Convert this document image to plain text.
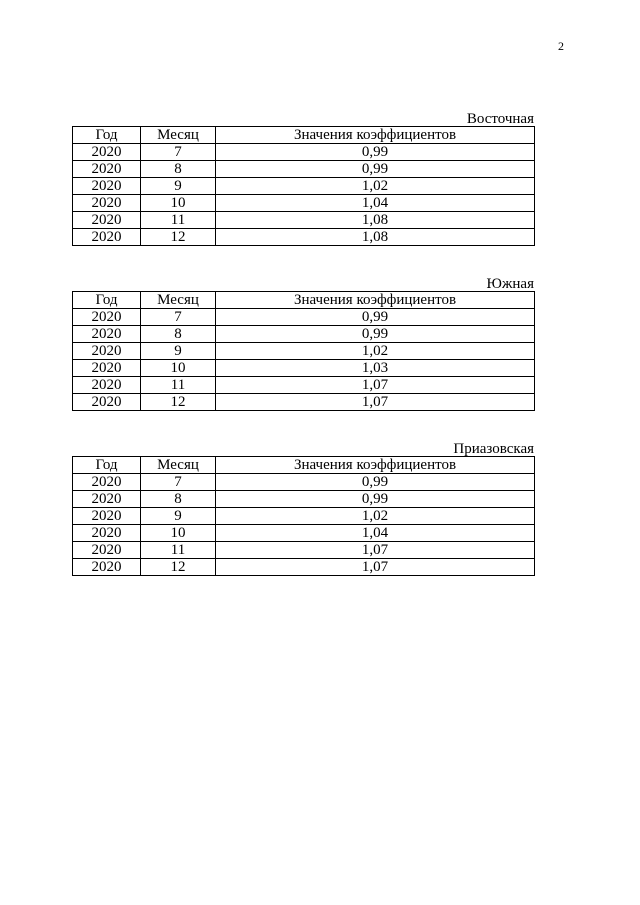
2
Восточная
Год	Месяц	Значения коэффициентов
2020	7	0,99
2020	8	0,99
2020	9	1,02
2020	10	1,04
2020	11	1,08
2020	12	1,08
Южная
Год	Месяц	Значения коэффициентов
2020	7	0,99
2020	8	0,99
2020	9	1,02
2020	10	1,03
2020	11	1,07
2020	12	1,07
Приазовская
Год	Месяц	Значения коэффициентов
2020	7	0,99
2020	8	0,99
2020	9	1,02
2020	10	1,04
2020	11	1,07
2020	12	1,07
